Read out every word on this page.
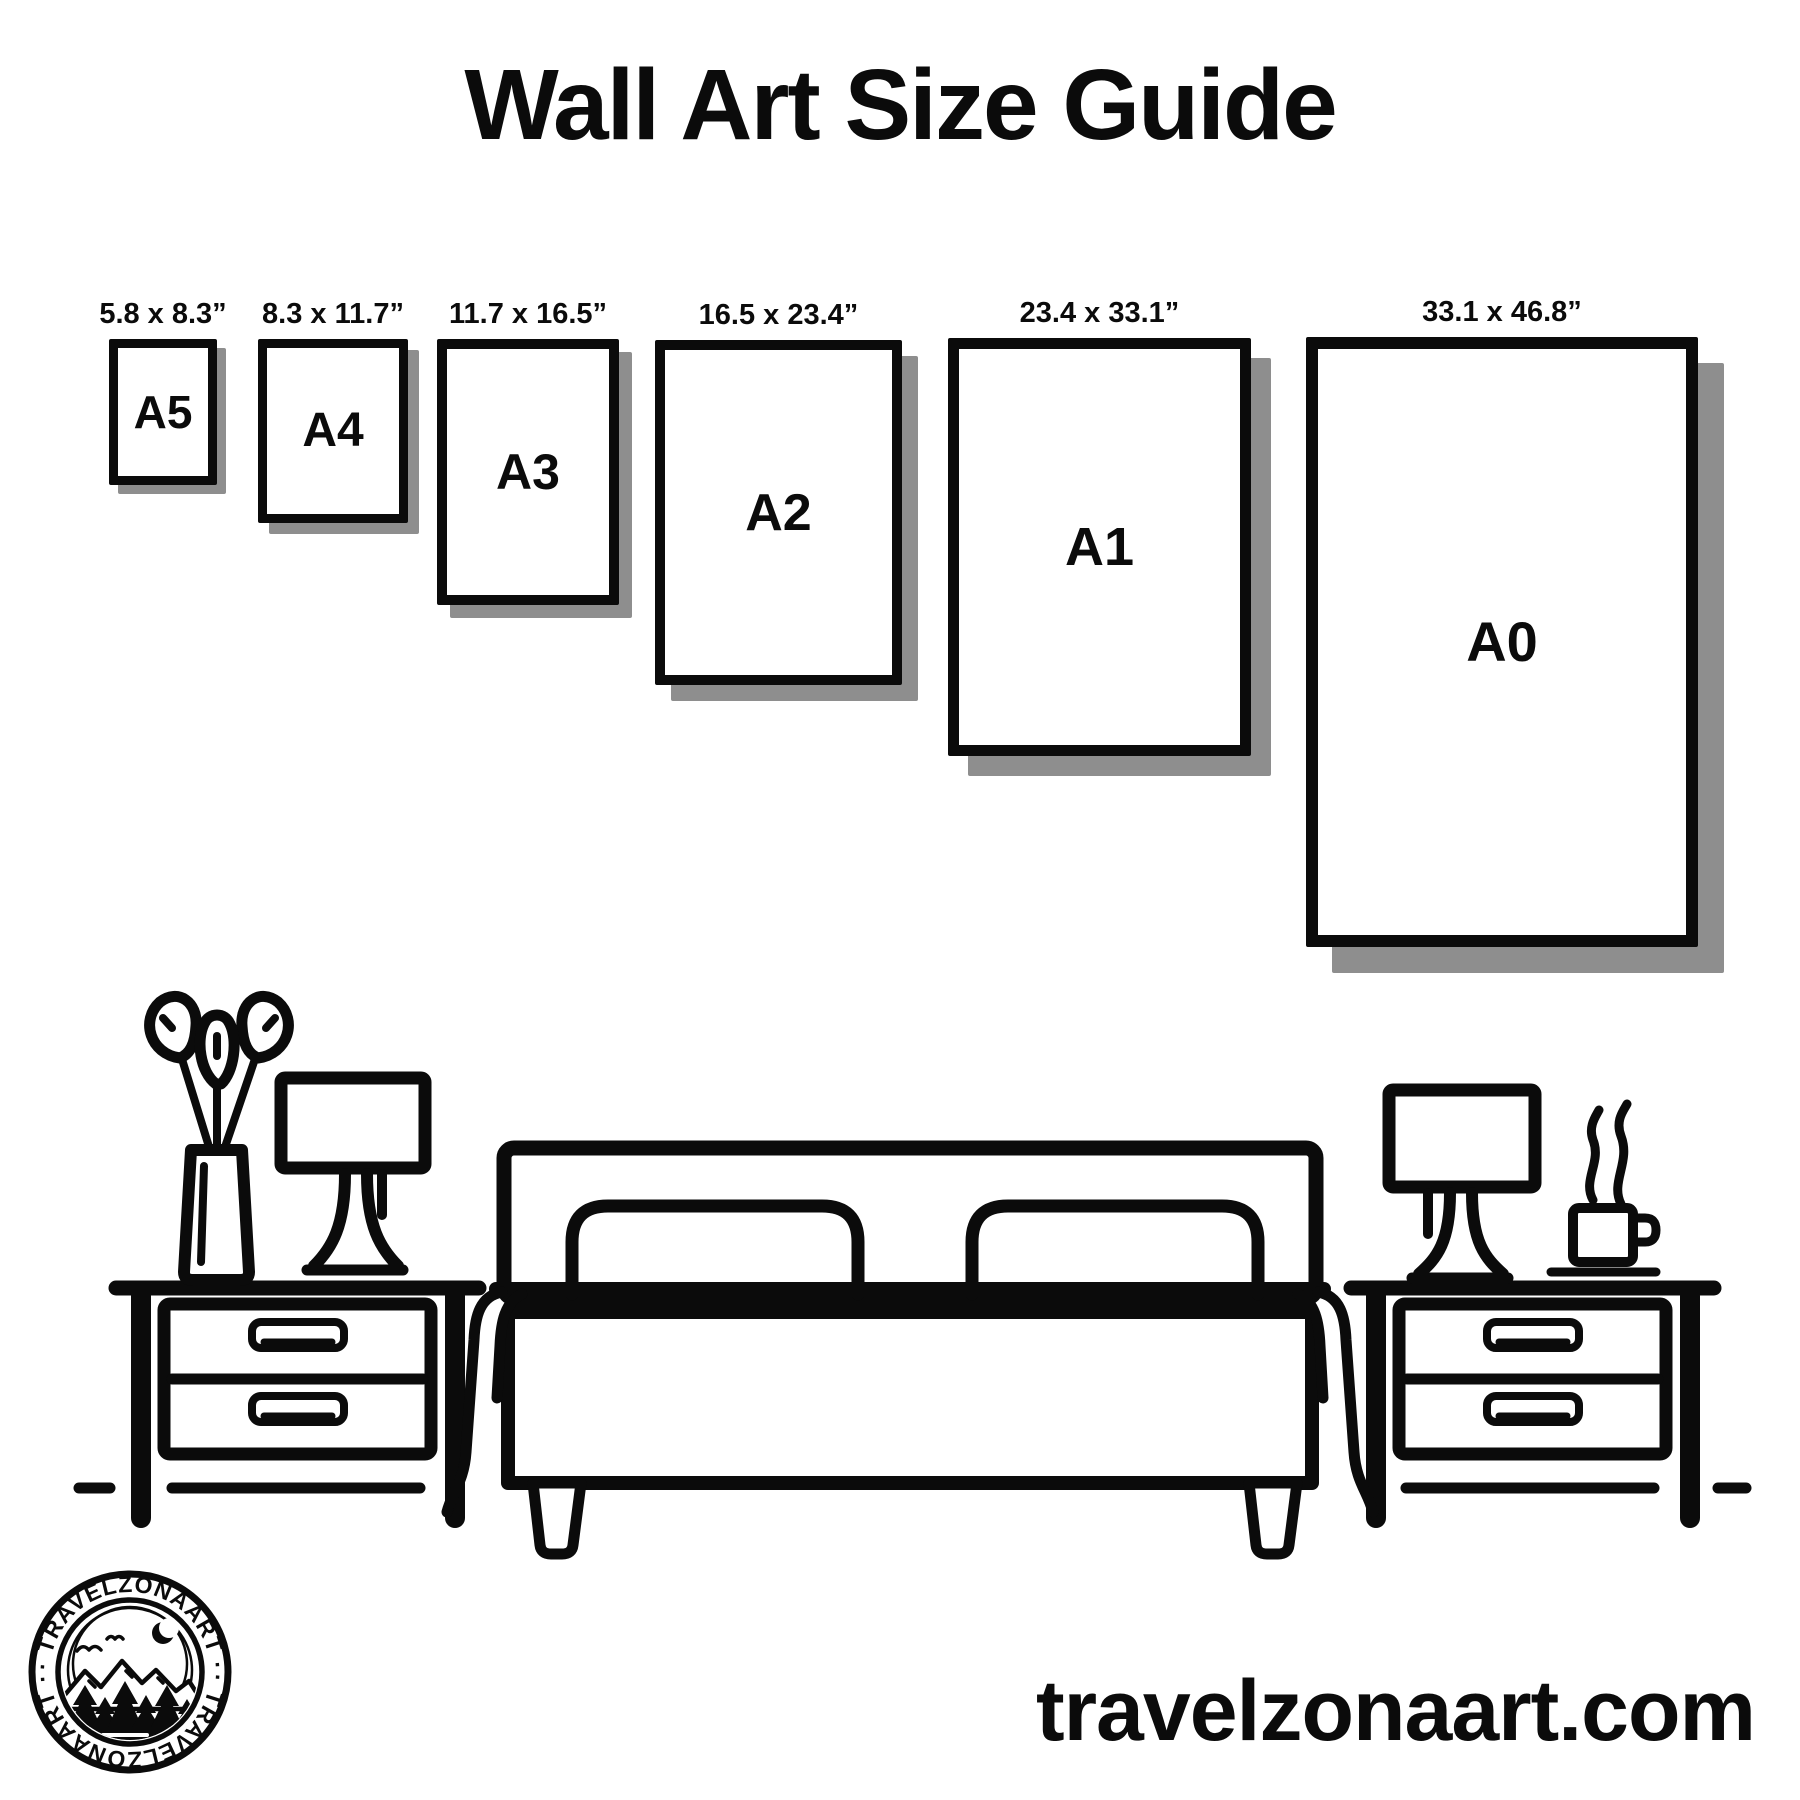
Wall Art Size Guide
5.8 x 8.3”
A5
8.3 x 11.7”
A4
11.7 x 16.5”
A3
16.5 x 23.4”
A2
23.4 x 33.1”
A1
33.1 x 46.8”
A0
· TRAVELZONAART ·
· TRAVELZONAART ·	travelzonaart.com
